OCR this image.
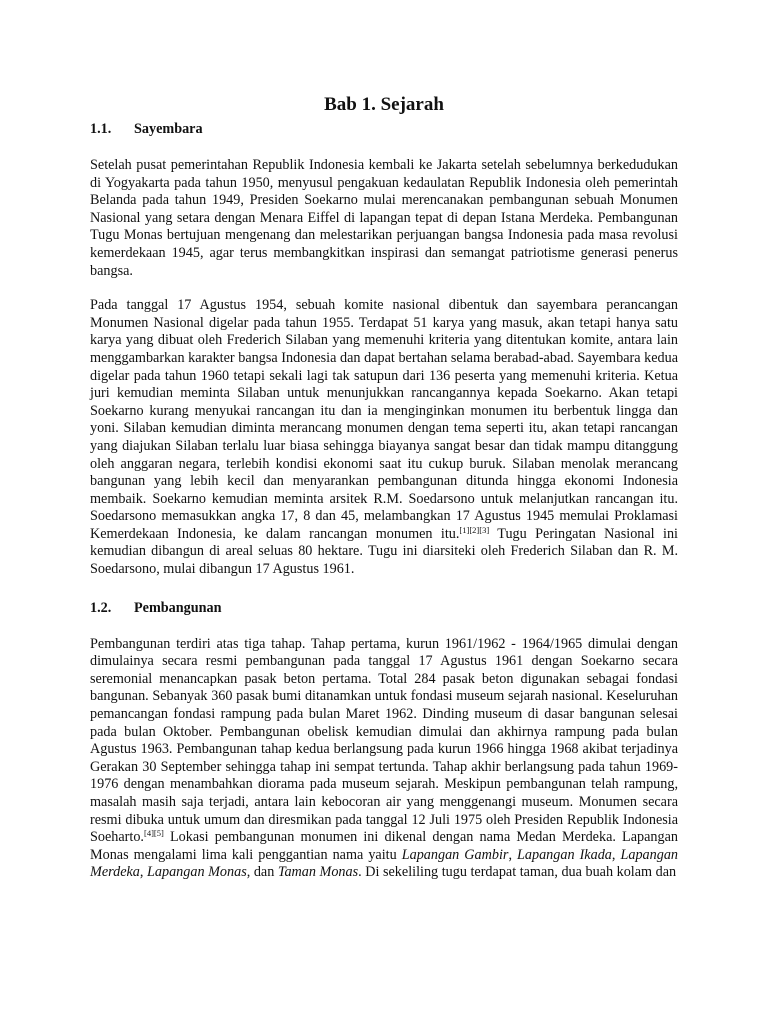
Bab 1. Sejarah
1.1.	Sayembara

Setelah pusat pemerintahan Republik Indonesia kembali ke Jakarta setelah sebelumnya berkedudukan di Yogyakarta pada tahun 1950, menyusul pengakuan kedaulatan Republik Indonesia oleh pemerintah Belanda pada tahun 1949, Presiden Soekarno mulai merencanakan pembangunan sebuah Monumen Nasional yang setara dengan Menara Eiffel di lapangan tepat di depan Istana Merdeka. Pembangunan Tugu Monas bertujuan mengenang dan melestarikan perjuangan bangsa Indonesia pada masa revolusi kemerdekaan 1945, agar terus membangkitkan inspirasi dan semangat patriotisme generasi penerus bangsa.

Pada tanggal 17 Agustus 1954, sebuah komite nasional dibentuk dan sayembara perancangan Monumen Nasional digelar pada tahun 1955. Terdapat 51 karya yang masuk, akan tetapi hanya satu karya yang dibuat oleh Frederich Silaban yang memenuhi kriteria yang ditentukan komite, antara lain menggambarkan karakter bangsa Indonesia dan dapat bertahan selama berabad-abad. Sayembara kedua digelar pada tahun 1960 tetapi sekali lagi tak satupun dari 136 peserta yang memenuhi kriteria. Ketua juri kemudian meminta Silaban untuk menunjukkan rancangannya kepada Soekarno. Akan tetapi Soekarno kurang menyukai rancangan itu dan ia menginginkan monumen itu berbentuk lingga dan yoni. Silaban kemudian diminta merancang monumen dengan tema seperti itu, akan tetapi rancangan yang diajukan Silaban terlalu luar biasa sehingga biayanya sangat besar dan tidak mampu ditanggung oleh anggaran negara, terlebih kondisi ekonomi saat itu cukup buruk. Silaban menolak merancang bangunan yang lebih kecil dan menyarankan pembangunan ditunda hingga ekonomi Indonesia membaik. Soekarno kemudian meminta arsitek R.M. Soedarsono untuk melanjutkan rancangan itu. Soedarsono memasukkan angka 17, 8 dan 45, melambangkan 17 Agustus 1945 memulai Proklamasi Kemerdekaan Indonesia, ke dalam rancangan monumen itu.[1][2][3] Tugu Peringatan Nasional ini kemudian dibangun di areal seluas 80 hektare. Tugu ini diarsiteki oleh Frederich Silaban dan R. M. Soedarsono, mulai dibangun 17 Agustus 1961.

1.2.	Pembangunan

Pembangunan terdiri atas tiga tahap. Tahap pertama, kurun 1961/1962 - 1964/1965 dimulai dengan dimulainya secara resmi pembangunan pada tanggal 17 Agustus 1961 dengan Soekarno secara seremonial menancapkan pasak beton pertama. Total 284 pasak beton digunakan sebagai fondasi bangunan. Sebanyak 360 pasak bumi ditanamkan untuk fondasi museum sejarah nasional. Keseluruhan pemancangan fondasi rampung pada bulan Maret 1962. Dinding museum di dasar bangunan selesai pada bulan Oktober. Pembangunan obelisk kemudian dimulai dan akhirnya rampung pada bulan Agustus 1963. Pembangunan tahap kedua berlangsung pada kurun 1966 hingga 1968 akibat terjadinya Gerakan 30 September sehingga tahap ini sempat tertunda. Tahap akhir berlangsung pada tahun 1969-1976 dengan menambahkan diorama pada museum sejarah. Meskipun pembangunan telah rampung, masalah masih saja terjadi, antara lain kebocoran air yang menggenangi museum. Monumen secara resmi dibuka untuk umum dan diresmikan pada tanggal 12 Juli 1975 oleh Presiden Republik Indonesia Soeharto.[4][5] Lokasi pembangunan monumen ini dikenal dengan nama Medan Merdeka. Lapangan Monas mengalami lima kali penggantian nama yaitu Lapangan Gambir, Lapangan Ikada, Lapangan Merdeka, Lapangan Monas, dan Taman Monas. Di sekeliling tugu terdapat taman, dua buah kolam dan
